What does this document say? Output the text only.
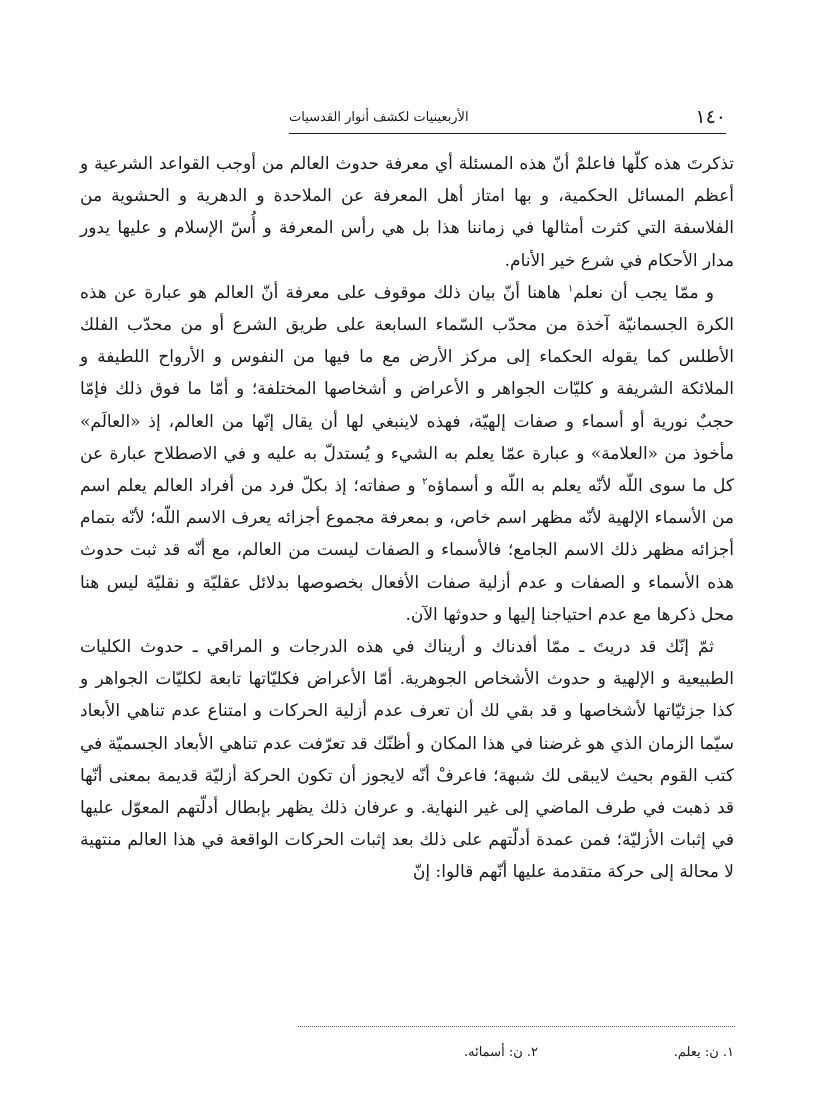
١٤٠
الأربعينيات لكشف أنوار القدسيات

تذكرتَ هذه كلّها فاعلمْ أنّ هذه المسئلة أي معرفة حدوث العالم من أوجب القواعد الشرعية و أعظم المسائل الحكمية، و بها امتاز أهل المعرفة عن الملاحدة و الدهرية و الحشوية من الفلاسفة التي كثرت أمثالها في زماننا هذا بل هي رأس المعرفة و أُسّ الإسلام و عليها يدور مدار الأحكام في شرع خير الأنام.

و ممّا يجب أن نعلم$^١$ هاهنا أنّ بيان ذلك موقوف على معرفة أنّ العالم هو عبارة عن هذه الكرة الجسمانيّة آخذة من محدّب السّماء السابعة على طريق الشرع أو من محدّب الفلك الأطلس كما يقوله الحكماء إلى مركز الأرض مع ما فيها من النفوس و الأرواح اللطيفة و الملائكة الشريفة و كليّات الجواهر و الأعراض و أشخاصها المختلفة؛ و أمّا ما فوق ذلك فإمّا حجبٌ نورية أو أسماء و صفات إلهيّة، فهذه لاينبغي لها أن يقال إنّها من العالم، إذ «العالَم» مأخوذ من «العلامة» و عبارة عمّا يعلم به الشيء و يُستدلّ به عليه و في الاصطلاح عبارة عن كل ما سوى اللّه لأنّه يعلم به اللّه و أسماؤه$^٢$ و صفاته؛ إذ بكلّ فرد من أفراد العالم يعلم اسم من الأسماء الإلهية لأنّه مظهر اسم خاص، و بمعرفة مجموع أجزائه يعرف الاسم اللّه؛ لأنّه بتمام أجزائه مظهر ذلك الاسم الجامع؛ فالأسماء و الصفات ليست من العالم، مع أنّه قد ثبت حدوث هذه الأسماء و الصفات و عدم أزلية صفات الأفعال بخصوصها بدلائل عقليّة و نقليّة ليس هنا محل ذكرها مع عدم احتياجنا إليها و حدوثها الآن.

ثمّ إنّك قد دريتَ ـ ممّا أفدناك و أريناك في هذه الدرجات و المراقي ـ حدوث الكليات الطبيعية و الإلهية و حدوث الأشخاص الجوهرية. أمّا الأعراض فكليّاتها تابعة لكليّات الجواهر و كذا جزئيّاتها لأشخاصها و قد بقي لك أن تعرف عدم أزلية الحركات و امتناع عدم تناهي الأبعاد سيّما الزمان الذي هو غرضنا في هذا المكان و أظنّك قد تعرّفت عدم تناهي الأبعاد الجسميّة في كتب القوم بحيث لايبقى لك شبهة؛ فاعرفْ أنّه لايجوز أن تكون الحركة أزليّة قديمة بمعنى أنّها قد ذهبت في طرف الماضي إلى غير النهاية. و عرفان ذلك يظهر بإبطال أدلّتهم المعوّل عليها في إثبات الأزليّة؛ فمن عمدة أدلّتهم على ذلك بعد إثبات الحركات الواقعة في هذا العالم منتهية لا محالة إلى حركة متقدمة عليها أنّهم قالوا: إنّ

١. ن: يعلم.
٢. ن: أسمائه.
